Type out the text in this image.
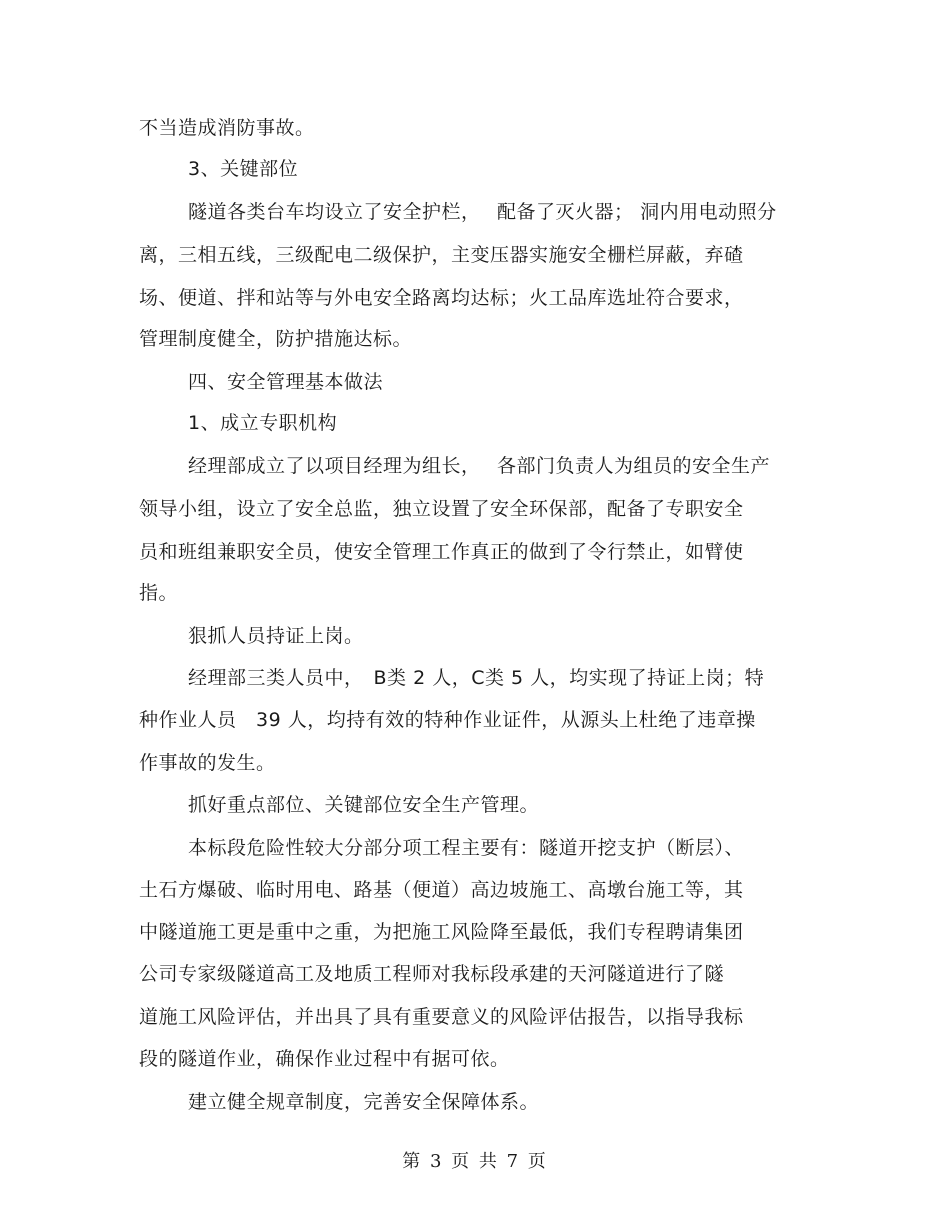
不当造成消防事故。
3、关键部位
隧道各类台车均设立了安全护栏，　 配备了灭火器； 洞内用电动照分
离，三相五线，三级配电二级保护，主变压器实施安全栅栏屏蔽，弃碴
场、便道、拌和站等与外电安全路离均达标；火工品库选址符合要求，
管理制度健全，防护措施达标。
四、安全管理基本做法
1、成立专职机构
经理部成立了以项目经理为组长，　 各部门负责人为组员的安全生产
领导小组，设立了安全总监，独立设置了安全环保部，配备了专职安全
员和班组兼职安全员，使安全管理工作真正的做到了令行禁止，如臂使
指。
狠抓人员持证上岗。
经理部三类人员中，　B类 2 人，C类 5 人，均实现了持证上岗；特
种作业人员　39 人，均持有效的特种作业证件，从源头上杜绝了违章操
作事故的发生。
抓好重点部位、关键部位安全生产管理。
本标段危险性较大分部分项工程主要有：隧道开挖支护（断层）、
土石方爆破、临时用电、路基（便道）高边坡施工、高墩台施工等，其
中隧道施工更是重中之重，为把施工风险降至最低，我们专程聘请集团
公司专家级隧道高工及地质工程师对我标段承建的天河隧道进行了隧
道施工风险评估，并出具了具有重要意义的风险评估报告，以指导我标
段的隧道作业，确保作业过程中有据可依。
建立健全规章制度，完善安全保障体系。
第 3 页 共 7 页
